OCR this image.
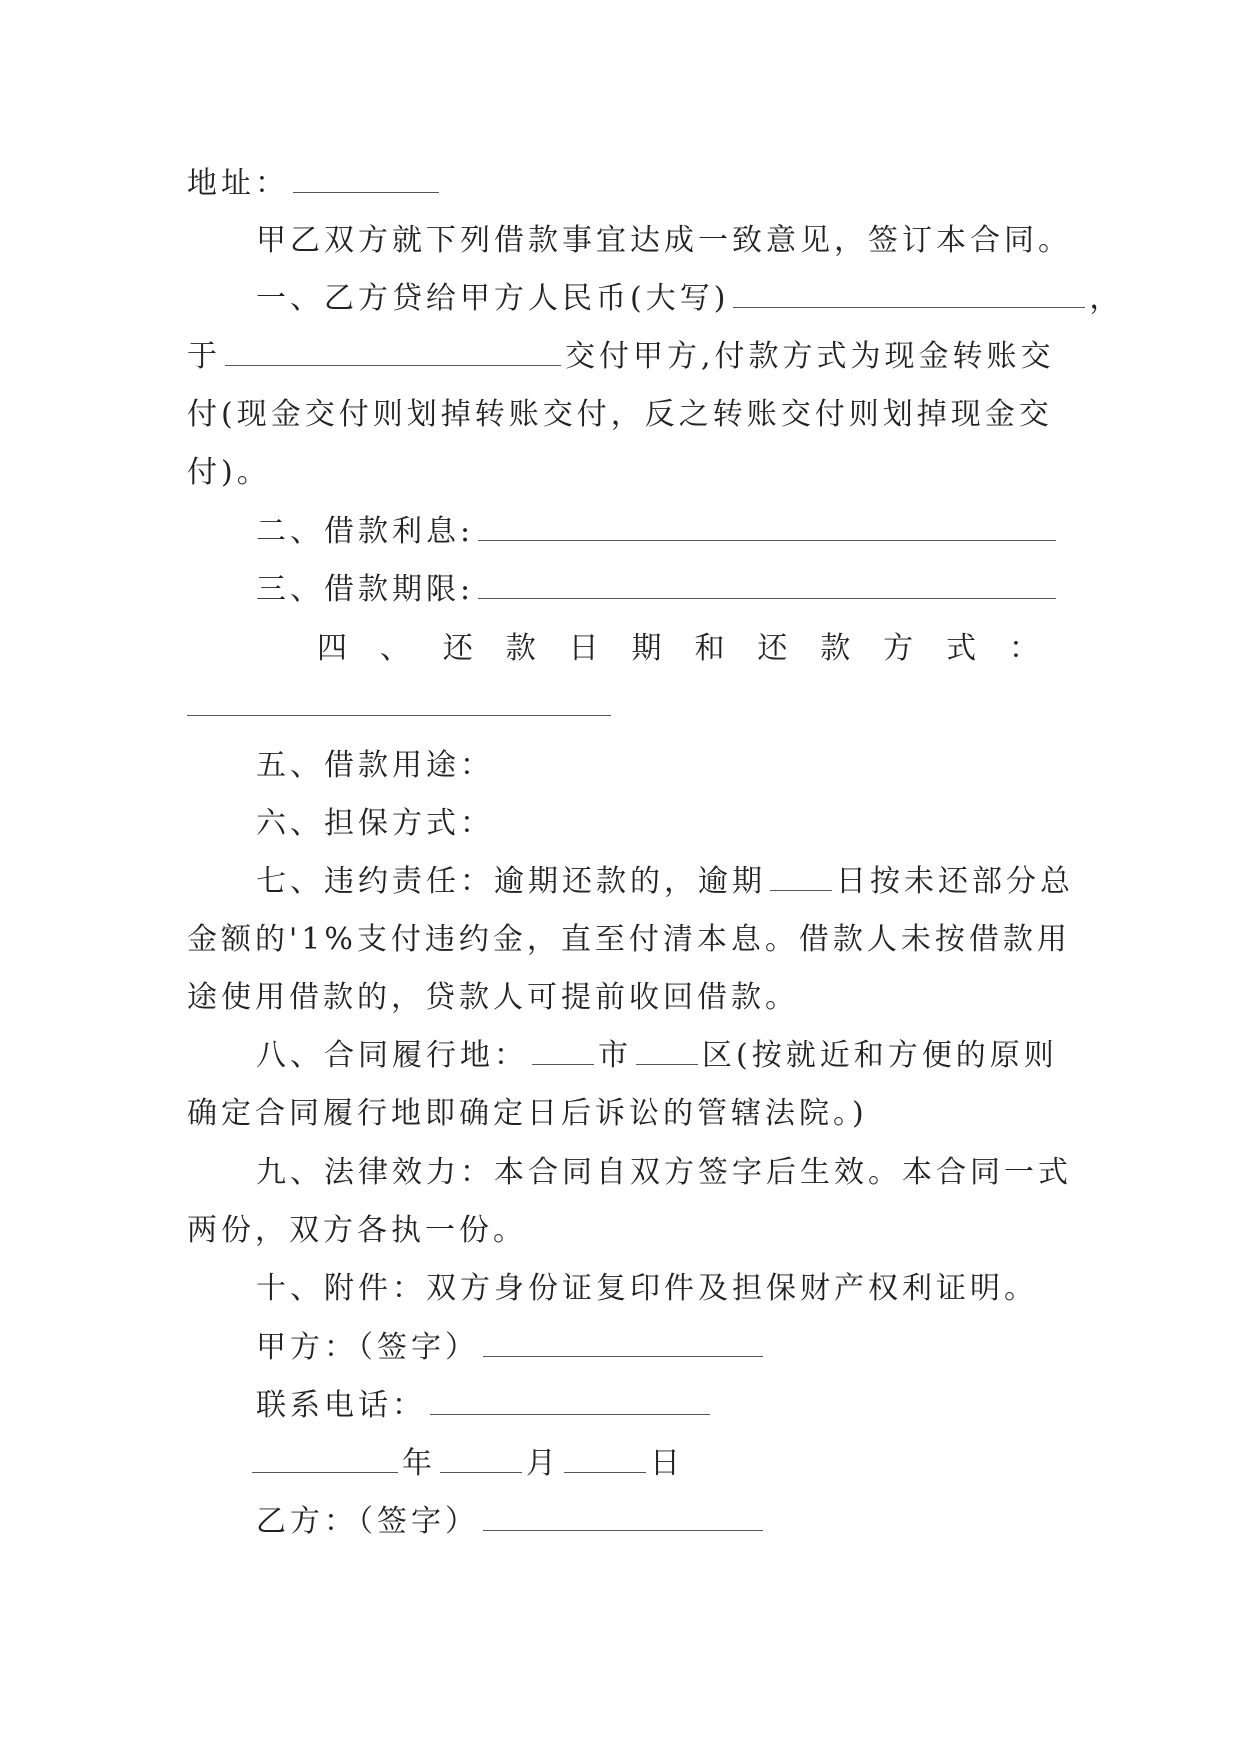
地址：
甲乙双方就下列借款事宜达成一致意见，签订本合同。
一、乙方贷给甲方人民币(大写)	，
于	交付甲方,付款方式为现金转账交
付(现金交付则划掉转账交付，反之转账交付则划掉现金交
付)。
二、借款利息:
三、借款期限:
四 、 还 款 日 期 和 还 款 方 式 ：
五、借款用途：
六、担保方式：
七、违约责任：逾期还款的，逾期 日按未还部分总
金额的'1%支付违约金，直至付清本息。借款人未按借款用
途使用借款的，贷款人可提前收回借款。
八、合同履行地： 市 区(按就近和方便的原则
确定合同履行地即确定日后诉讼的管辖法院。)
九、法律效力：本合同自双方签字后生效。本合同一式
两份，双方各执一份。
十、附件：双方身份证复印件及担保财产权利证明。
甲方：（签字）
联系电话：
年	月	日
乙方：（签字）
